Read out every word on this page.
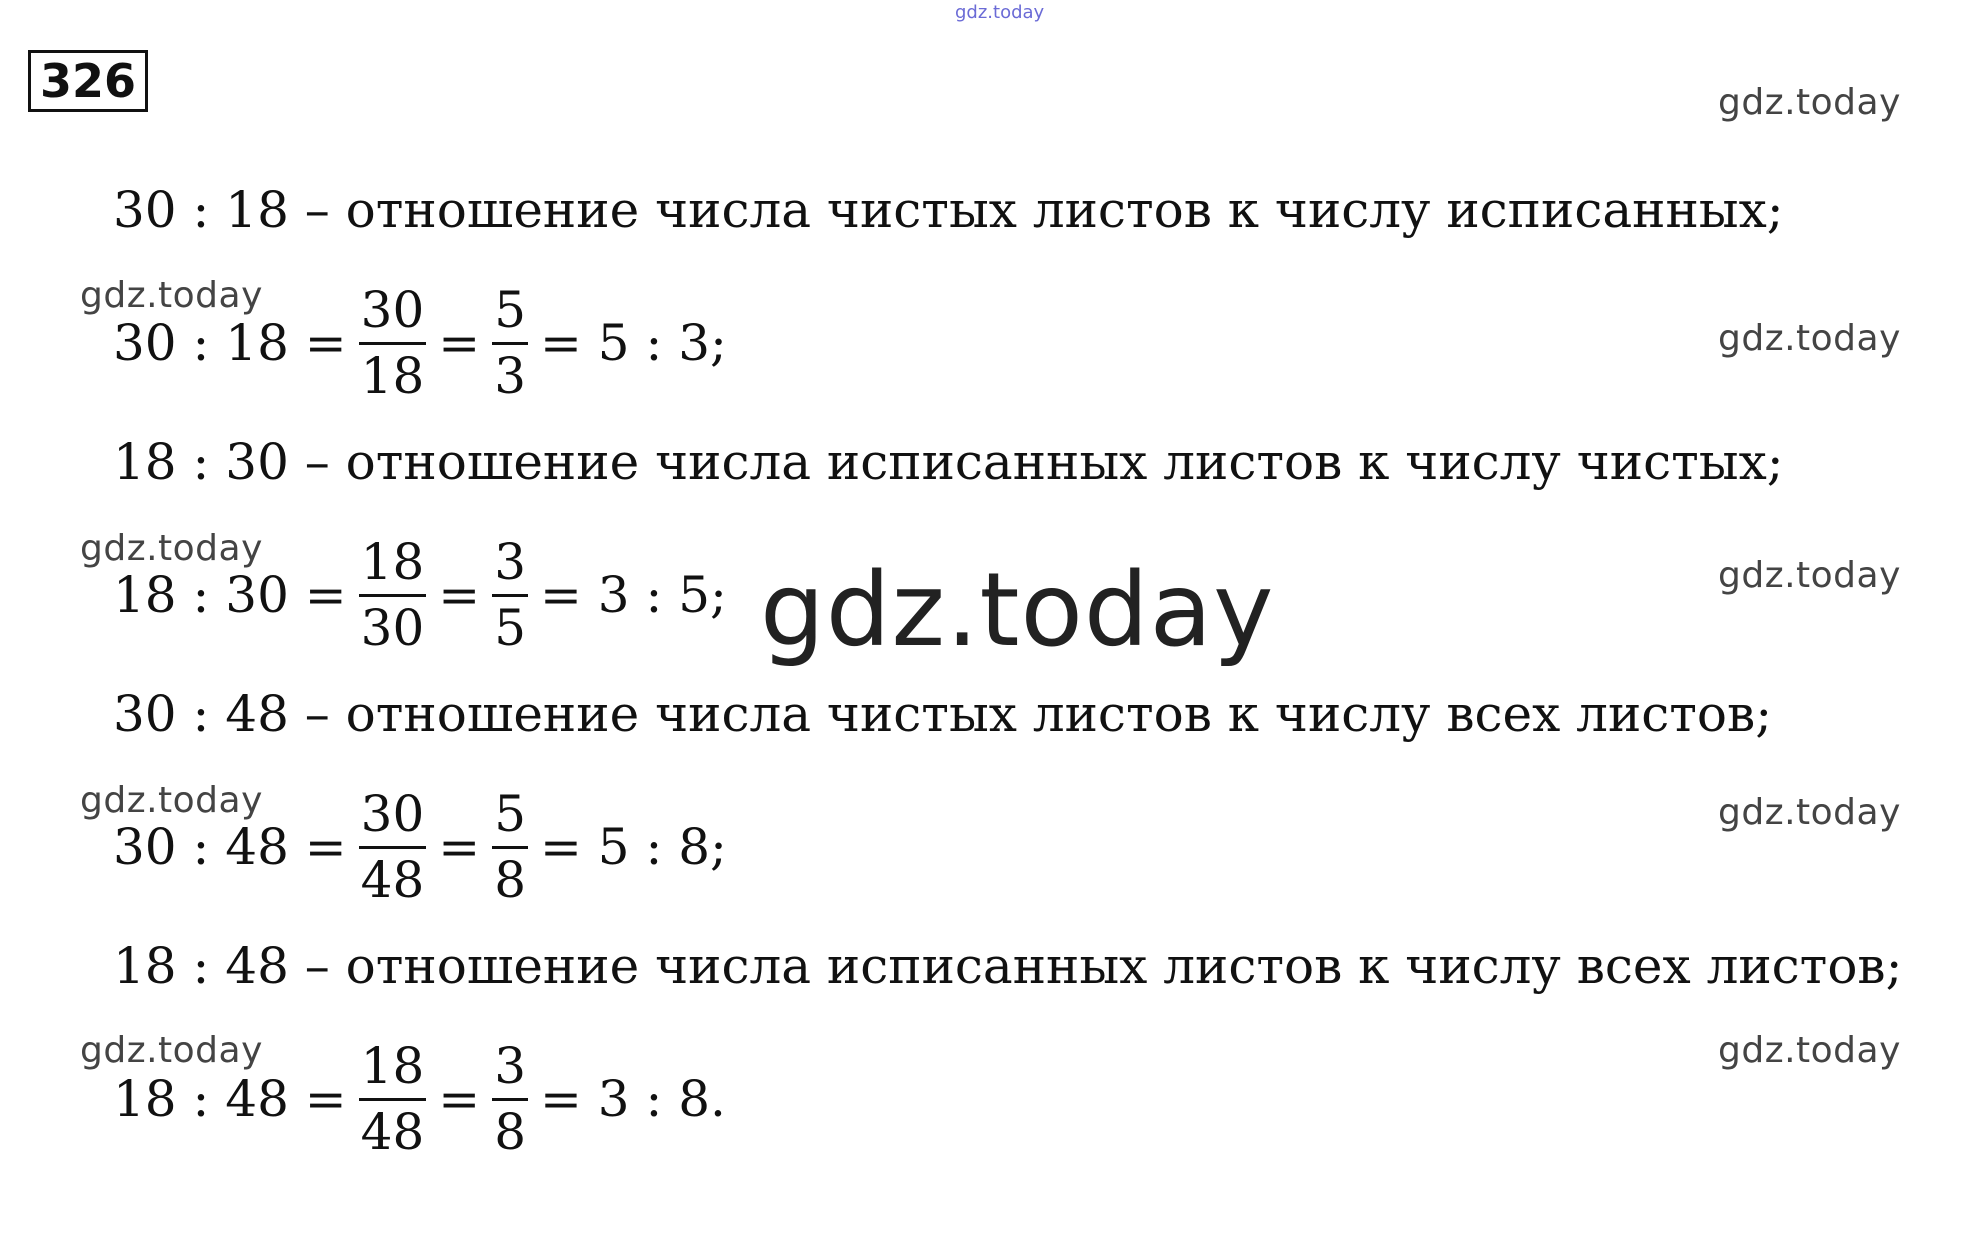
gdz.today
326	gdz.today
gdz.today
gdz.today
gdz.today
gdz.today
gdz.today
gdz.today
gdz.today
gdz.today
30 : 18 – отношение числа чистых листов к числу исписанных;
30 : $18 = \frac{30}{18} = \frac{5}{3} = 5$ : 3;
18 : 30 – отношение числа исписанных листов к числу чистых;
18 : $30 = \frac{18}{30} = \frac{3}{5} = 3$ : 5;
30 : 48 – отношение числа чистых листов к числу всех листов;
30 : $48 = \frac{30}{48} = \frac{5}{8} = 5$ : 8;
18 : 48 – отношение числа исписанных листов к числу всех листов;
18 : $48 = \frac{18}{48} = \frac{3}{8} = 3$ : 8.
gdz.today
